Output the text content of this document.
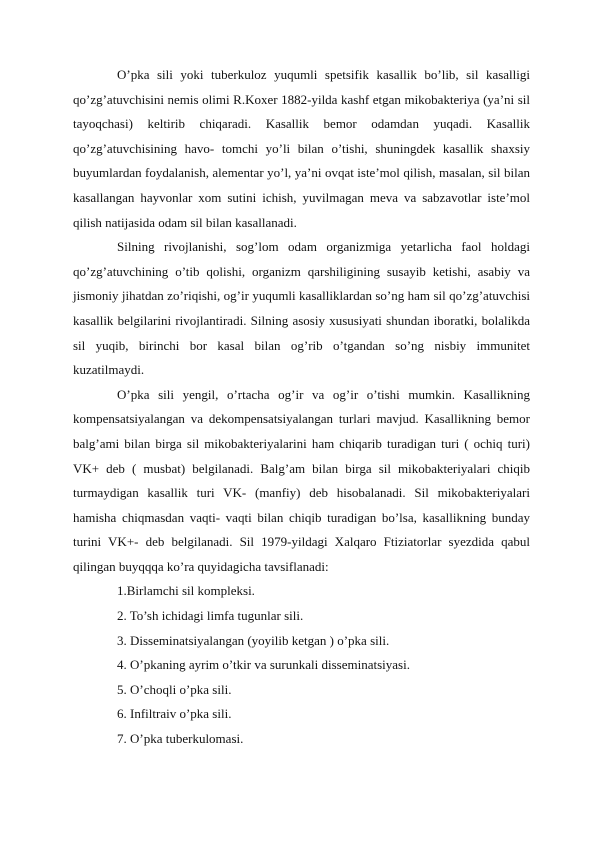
O’pka sili yoki tuberkuloz yuqumli spetsifik kasallik bo’lib, sil kasalligi qo’zg’atuvchisini nemis olimi R.Koxer 1882-yilda kashf etgan mikobakteriya (ya’ni sil tayoqchasi) keltirib chiqaradi. Kasallik bemor odamdan yuqadi. Kasallik qo’zg’atuvchisining havo- tomchi yo’li bilan o’tishi, shuningdek kasallik shaxsiy buyumlardan foydalanish, alementar yo’l, ya’ni ovqat iste’mol qilish, masalan, sil bilan kasallangan hayvonlar xom sutini ichish, yuvilmagan meva va sabzavotlar iste’mol qilish natijasida odam sil bilan kasallanadi.

Silning rivojlanishi, sog’lom odam organizmiga yetarlicha faol holdagi qo’zg’atuvchining o’tib qolishi, organizm qarshiligining susayib ketishi, asabiy va jismoniy jihatdan zo’riqishi, og’ir yuqumli kasalliklardan so’ng ham sil qo’zg’atuvchisi kasallik belgilarini rivojlantiradi. Silning asosiy xususiyati shundan iboratki, bolalikda sil yuqib, birinchi bor kasal bilan og’rib o’tgandan so’ng nisbiy immunitet kuzatilmaydi.

O’pka sili yengil, o’rtacha og’ir va og’ir o’tishi mumkin. Kasallikning kompensatsiyalangan va dekompensatsiyalangan turlari mavjud. Kasallikning bemor balg’ami bilan birga sil mikobakteriyalarini ham chiqarib turadigan turi ( ochiq turi) VK+ deb ( musbat) belgilanadi. Balg’am bilan birga sil mikobakteriyalari chiqib turmaydigan kasallik turi VK- (manfiy) deb hisobalanadi. Sil mikobakteriyalari hamisha chiqmasdan vaqti- vaqti bilan chiqib turadigan bo’lsa, kasallikning bunday turini VK+- deb belgilanadi. Sil 1979-yildagi Xalqaro Ftiziatorlar syezdida qabul qilingan buyqqqa ko’ra quyidagicha tavsiflanadi:

1.Birlamchi sil kompleksi.
2. To’sh ichidagi limfa tugunlar sili.
3. Disseminatsiyalangan (yoyilib ketgan ) o’pka sili.
4. O’pkaning ayrim o’tkir va surunkali disseminatsiyasi.
5. O’choqli o’pka sili.
6. Infiltraiv o’pka sili.
7. O’pka tuberkulomasi.
